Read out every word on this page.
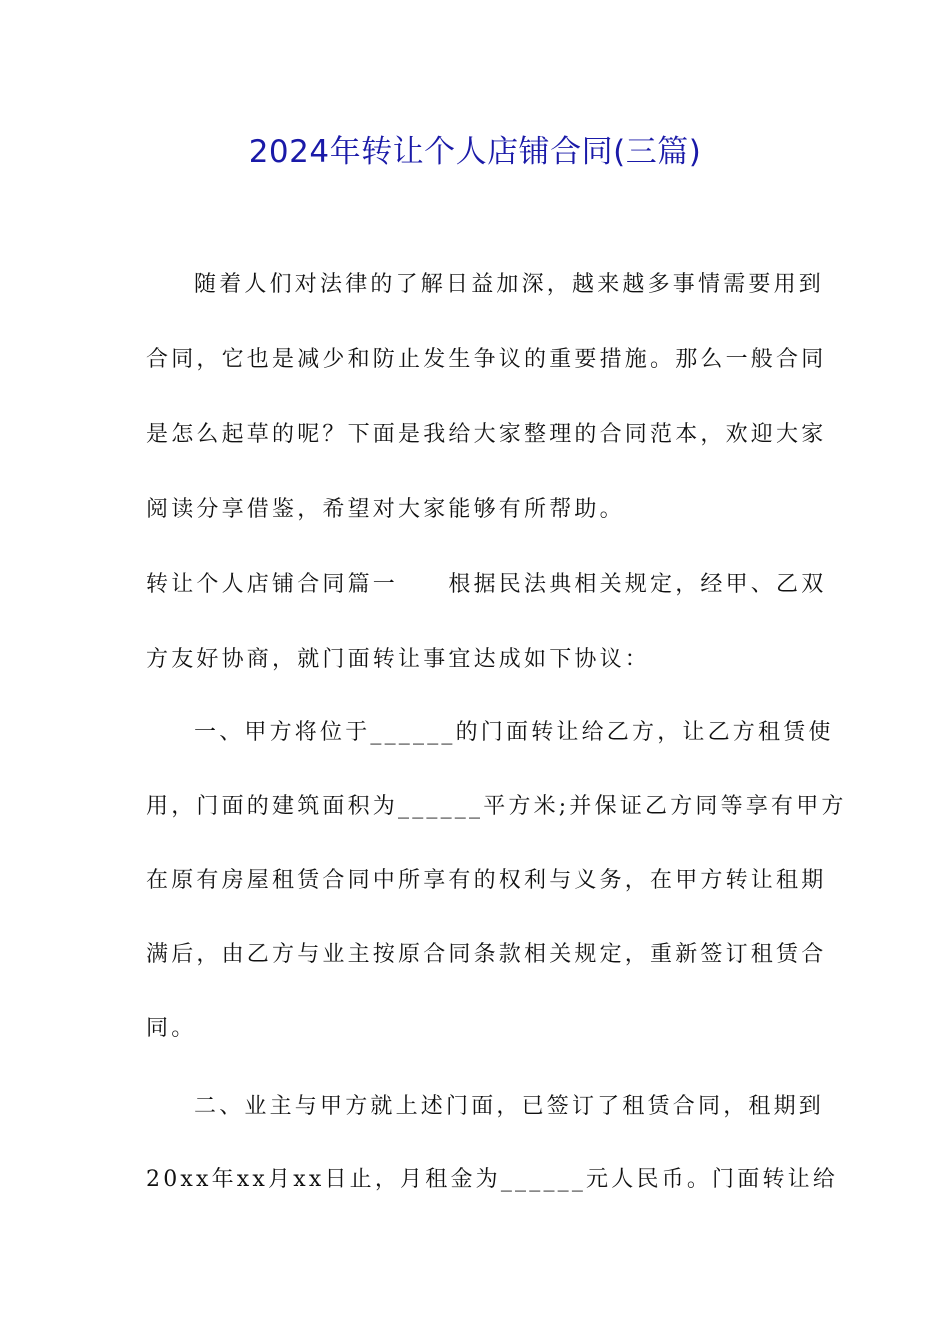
2024年转让个人店铺合同(三篇)
随着人们对法律的了解日益加深，越来越多事情需要用到
合同，它也是减少和防止发生争议的重要措施。那么一般合同
是怎么起草的呢？下面是我给大家整理的合同范本，欢迎大家
阅读分享借鉴，希望对大家能够有所帮助。
转让个人店铺合同篇一　　根据民法典相关规定，经甲、乙双
方友好协商，就门面转让事宜达成如下协议：
一、甲方将位于______的门面转让给乙方，让乙方租赁使
用，门面的建筑面积为______平方米;并保证乙方同等享有甲方
在原有房屋租赁合同中所享有的权利与义务，在甲方转让租期
满后，由乙方与业主按原合同条款相关规定，重新签订租赁合
同。
二、业主与甲方就上述门面，已签订了租赁合同，租期到
20xx年xx月xx日止，月租金为______元人民币。门面转让给
